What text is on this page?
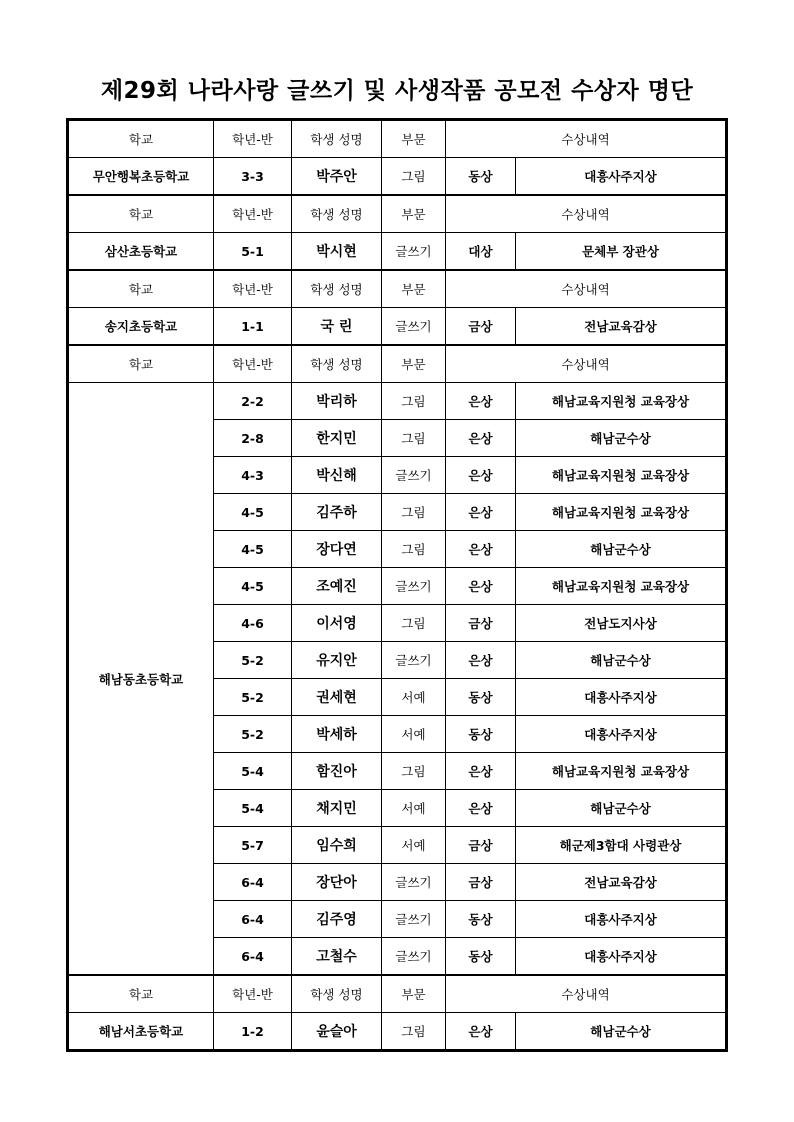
제29회 나라사랑 글쓰기 및 사생작품 공모전 수상자 명단
학교	학년-반	학생 성명	부문	수상내역	
무안행복초등학교	3-3	박주안	그림	동상	대흥사주지상
학교	학년-반	학생 성명	부문	수상내역	
삼산초등학교	5-1	박시현	글쓰기	대상	문체부 장관상
학교	학년-반	학생 성명	부문	수상내역	
송지초등학교	1-1	국 린	글쓰기	금상	전남교육감상
학교	학년-반	학생 성명	부문	수상내역	
해남동초등학교	2-2	박리하	그림	은상	해남교육지원청 교육장상
	2-8	한지민	그림	은상	해남군수상
	4-3	박신해	글쓰기	은상	해남교육지원청 교육장상
	4-5	김주하	그림	은상	해남교육지원청 교육장상
	4-5	장다연	그림	은상	해남군수상
	4-5	조예진	글쓰기	은상	해남교육지원청 교육장상
	4-6	이서영	그림	금상	전남도지사상
	5-2	유지안	글쓰기	은상	해남군수상
	5-2	권세현	서예	동상	대흥사주지상
	5-2	박세하	서예	동상	대흥사주지상
	5-4	함진아	그림	은상	해남교육지원청 교육장상
	5-4	채지민	서예	은상	해남군수상
	5-7	임수희	서예	금상	해군제3함대 사령관상
	6-4	장단아	글쓰기	금상	전남교육감상
	6-4	김주영	글쓰기	동상	대흥사주지상
	6-4	고철수	글쓰기	동상	대흥사주지상
학교	학년-반	학생 성명	부문	수상내역	
해남서초등학교	1-2	윤슬아	그림	은상	해남군수상
